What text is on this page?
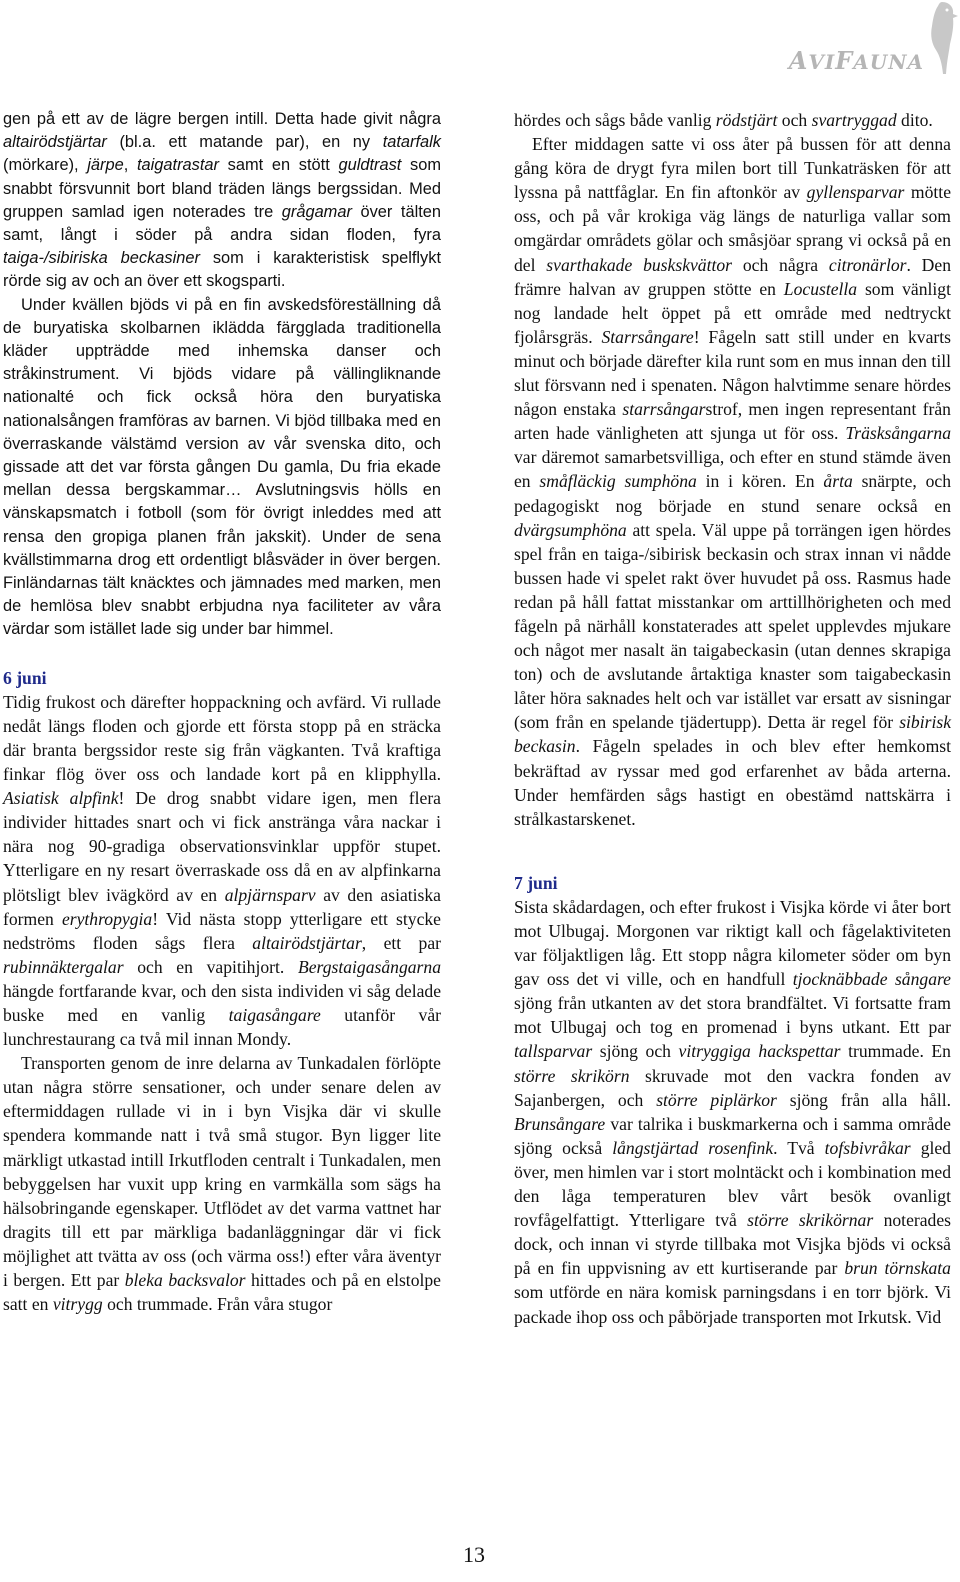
AVIFAUNA

gen på ett av de lägre bergen intill. Detta hade givit några altairödstjärtar (bl.a. ett matande par), en ny tatarfalk (mörkare), järpe, taigatrastar samt en stött guldtrast som snabbt försvunnit bort bland träden längs bergssidan. Med gruppen samlad igen noterades tre grågamar över tälten samt, långt i söder på andra sidan floden, fyra taiga-/sibiriska beckasiner som i karakteristisk spelflykt rörde sig av och an över ett skogsparti.

Under kvällen bjöds vi på en fin avskedsföreställning då de buryatiska skolbarnen iklädda färgglada traditionella kläder uppträdde med inhemska danser och stråkinstrument. Vi bjöds vidare på vällingliknande nationalté och fick också höra den buryatiska nationalsången framföras av barnen. Vi bjöd tillbaka med en överraskande välstämd version av vår svenska dito, och gissade att det var första gången Du gamla, Du fria ekade mellan dessa bergskammar… Avslutningsvis hölls en vänskapsmatch i fotboll (som för övrigt inleddes med att rensa den gropiga planen från jakskit). Under de sena kvällstimmarna drog ett ordentligt blåsväder in över bergen. Finländarnas tält knäcktes och jämnades med marken, men de hemlösa blev snabbt erbjudna nya faciliteter av våra värdar som istället lade sig under bar himmel.

6 juni

Tidig frukost och därefter hoppackning och avfärd. Vi rullade nedåt längs floden och gjorde ett första stopp på en sträcka där branta bergssidor reste sig från vägkanten. Två kraftiga finkar flög över oss och landade kort på en klipphylla. Asiatisk alpfink! De drog snabbt vidare igen, men flera individer hittades snart och vi fick anstränga våra nackar i nära nog 90-gradiga observationsvinklar uppför stupet. Ytterligare en ny resart överraskade oss då en av alpfinkarna plötsligt blev ivägkörd av en alpjärnsparv av den asiatiska formen erythropygia! Vid nästa stopp ytterligare ett stycke nedströms floden sågs flera altairödstjärtar, ett par rubinnäktergalar och en vapitihjort. Bergstaigasångarna hängde fortfarande kvar, och den sista individen vi såg delade buske med en vanlig taigasångare utanför vår lunchrestaurang ca två mil innan Mondy.

Transporten genom de inre delarna av Tunkadalen förlöpte utan några större sensationer, och under senare delen av eftermiddagen rullade vi in i byn Visjka där vi skulle spendera kommande natt i två små stugor. Byn ligger lite märkligt utkastad intill Irkutfloden centralt i Tunkadalen, men bebyggelsen har vuxit upp kring en varmkälla som sägs ha hälsobringande egenskaper. Utflödet av det varma vattnet har dragits till ett par märkliga badanläggningar där vi fick möjlighet att tvätta av oss (och värma oss!) efter våra äventyr i bergen. Ett par bleka backsvalor hittades och på en elstolpe satt en vitrygg och trummade. Från våra stugor

hördes och sågs både vanlig rödstjärt och svartryggad dito.

Efter middagen satte vi oss åter på bussen för att denna gång köra de drygt fyra milen bort till Tunkaträsken för att lyssna på nattfåglar. En fin aftonkör av gyllensparvar mötte oss, och på vår krokiga väg längs de naturliga vallar som omgärdar områdets gölar och småsjöar sprang vi också på en del svarthakade buskskvättor och några citronärlor. Den främre halvan av gruppen stötte en Locustella som vänligt nog landade helt öppet på ett område med nedtryckt fjolårsgräs. Starrsångare! Fågeln satt still under en kvarts minut och började därefter kila runt som en mus innan den till slut försvann ned i spenaten. Någon halvtimme senare hördes någon enstaka starrsångarstrof, men ingen representant från arten hade vänligheten att sjunga ut för oss. Träsksångarna var däremot samarbetsvilliga, och efter en stund stämde även en småfläckig sumphöna in i kören. En årta snärpte, och pedagogiskt nog började en stund senare också en dvärgsumphöna att spela. Väl uppe på torrängen igen hördes spel från en taiga-/sibirisk beckasin och strax innan vi nådde bussen hade vi spelet rakt över huvudet på oss. Rasmus hade redan på håll fattat misstankar om arttillhörigheten och med fågeln på närhåll konstaterades att spelet upplevdes mjukare och något mer nasalt än taigabeckasin (utan dennes skrapiga ton) och de avslutande årtaktiga knaster som taigabeckasin låter höra saknades helt och var istället var ersatt av sisningar (som från en spelande tjädertupp). Detta är regel för sibirisk beckasin. Fågeln spelades in och blev efter hemkomst bekräftad av ryssar med god erfarenhet av båda arterna. Under hemfärden sågs hastigt en obestämd nattskärra i strålkastarskenet.

7 juni

Sista skådardagen, och efter frukost i Visjka körde vi åter bort mot Ulbugaj. Morgonen var riktigt kall och fågelaktiviteten var följaktligen låg. Ett stopp några kilometer söder om byn gav oss det vi ville, och en handfull tjocknäbbade sångare sjöng från utkanten av det stora brandfältet. Vi fortsatte fram mot Ulbugaj och tog en promenad i byns utkant. Ett par tallsparvar sjöng och vitryggiga hackspettar trummade. En större skrikörn skruvade mot den vackra fonden av Sajanbergen, och större piplärkor sjöng från alla håll. Brunsångare var talrika i buskmarkerna och i samma område sjöng också långstjärtad rosenfink. Två tofsbivråkar gled över, men himlen var i stort molntäckt och i kombination med den låga temperaturen blev vårt besök ovanligt rovfågelfattigt. Ytterligare två större skrikörnar noterades dock, och innan vi styrde tillbaka mot Visjka bjöds vi också på en fin uppvisning av ett kurtiserande par brun törnskata som utförde en nära komisk parningsdans i en torr björk. Vi packade ihop oss och påbörjade transporten mot Irkutsk. Vid

13
